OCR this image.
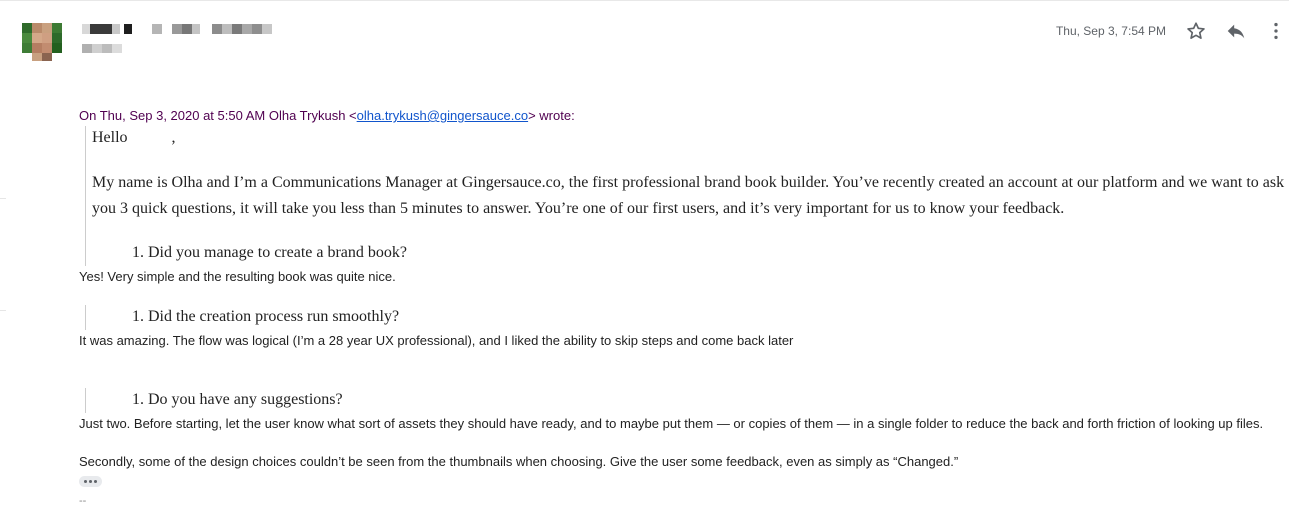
Thu, Sep 3, 7:54 PM
On Thu, Sep 3, 2020 at 5:50 AM Olha Trykush <olha.trykush@gingersauce.co> wrote:
Hello	,
My name is Olha and I’m a Communications Manager at Gingersauce.co, the first professional brand book builder. You’ve recently created an account at our platform and we want to ask
you 3 quick questions, it will take you less than 5 minutes to answer. You’re one of our first users, and it’s very important for us to know your feedback.
1. Did you manage to create a brand book?
Yes! Very simple and the resulting book was quite nice.
1. Did the creation process run smoothly?
It was amazing. The flow was logical (I’m a 28 year UX professional), and I liked the ability to skip steps and come back later
1. Do you have any suggestions?
Just two. Before starting, let the user know what sort of assets they should have ready, and to maybe put them — or copies of them — in a single folder to reduce the back and forth friction of looking up files.
Secondly, some of the design choices couldn’t be seen from the thumbnails when choosing. Give the user some feedback, even as simply as “Changed.”
--
